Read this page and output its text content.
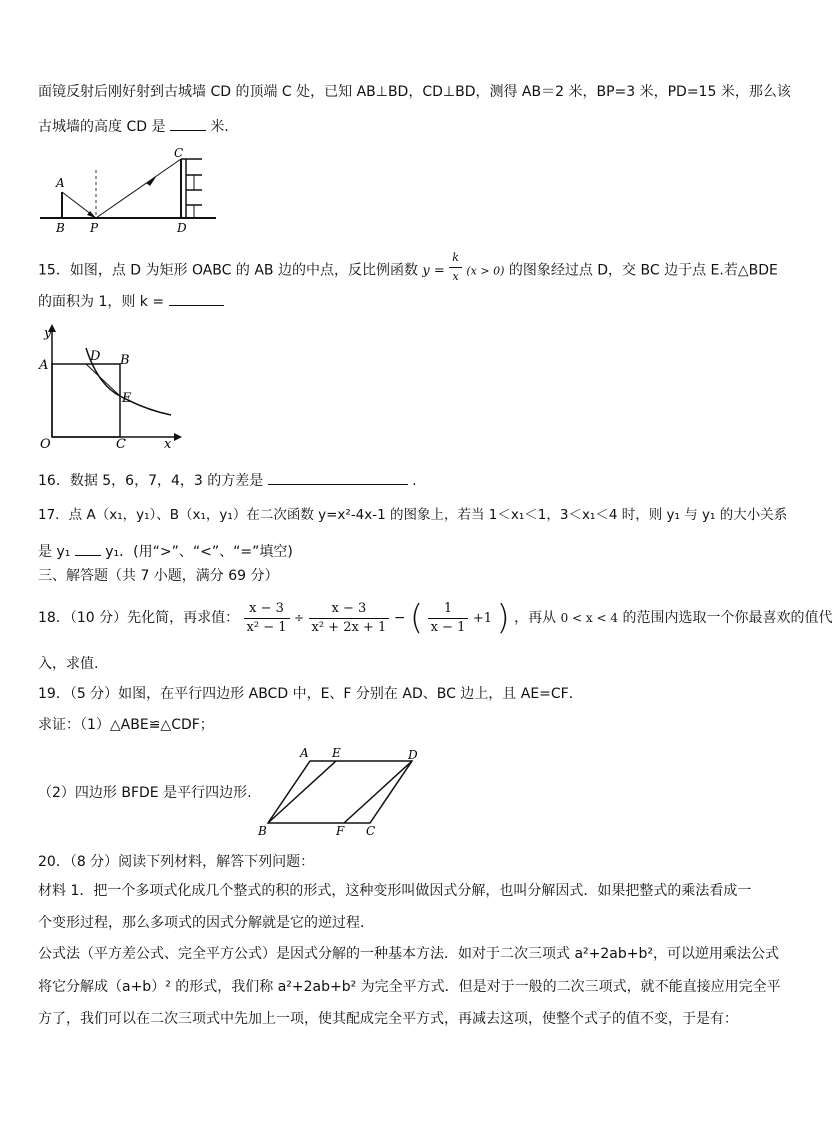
面镜反射后刚好射到古城墙 CD 的顶端 C 处，已知 AB⊥BD，CD⊥BD，测得 AB＝2 米，BP=3 米，PD=15 米，那么该
古城墙的高度 CD 是	米．
A
B P
C
D
15．如图，点 D 为矩形 OABC 的 AB 边的中点，反比例函数 $y = \frac{k}{x} (x > 0)$ 的图象经过点 D，交 BC 边于点 E.若△BDE
的面积为 1，则 k =
y
x
A
D B
E
O	C
16．数据 5，6，7，4，3 的方差是	.
17．点 A（x₁，y₁）、B（x₁，y₁）在二次函数 y=x²-4x-1 的图象上，若当 1＜x₁＜1，3＜x₁＜4 时，则 y₁ 与 y₁ 的大小关系
是 y₁ y₁．(用“>”、“<”、“=”填空)
三、解答题（共 7 小题，满分 69 分）
18．（10 分）先化简，再求值： $\frac{x - 3}{\text{x² − 1}} \div \frac{x - 3}{\text{x² + 2x + 1}}$ − ( $\frac{1}{x - 1} +1$ ) ，再从 0 < x < 4 的范围内选取一个你最喜欢的值代
入，求值.
19．（5 分）如图，在平行四边形 ABCD 中，E、F 分别在 AD、BC 边上，且 AE=CF．
求证：（1）△ABE≌△CDF；
（2）四边形 BFDE 是平行四边形.
A E	D
B	F C
20．（8 分）阅读下列材料，解答下列问题：
材料 1．把一个多项式化成几个整式的积的形式，这种变形叫做因式分解，也叫分解因式．如果把整式的乘法看成一
个变形过程，那么多项式的因式分解就是它的逆过程．
公式法（平方差公式、完全平方公式）是因式分解的一种基本方法．如对于二次三项式 a²+2ab+b²，可以逆用乘法公式
将它分解成（a+b）² 的形式，我们称 a²+2ab+b² 为完全平方式．但是对于一般的二次三项式，就不能直接应用完全平
方了，我们可以在二次三项式中先加上一项，使其配成完全平方式，再减去这项，使整个式子的值不变，于是有：
